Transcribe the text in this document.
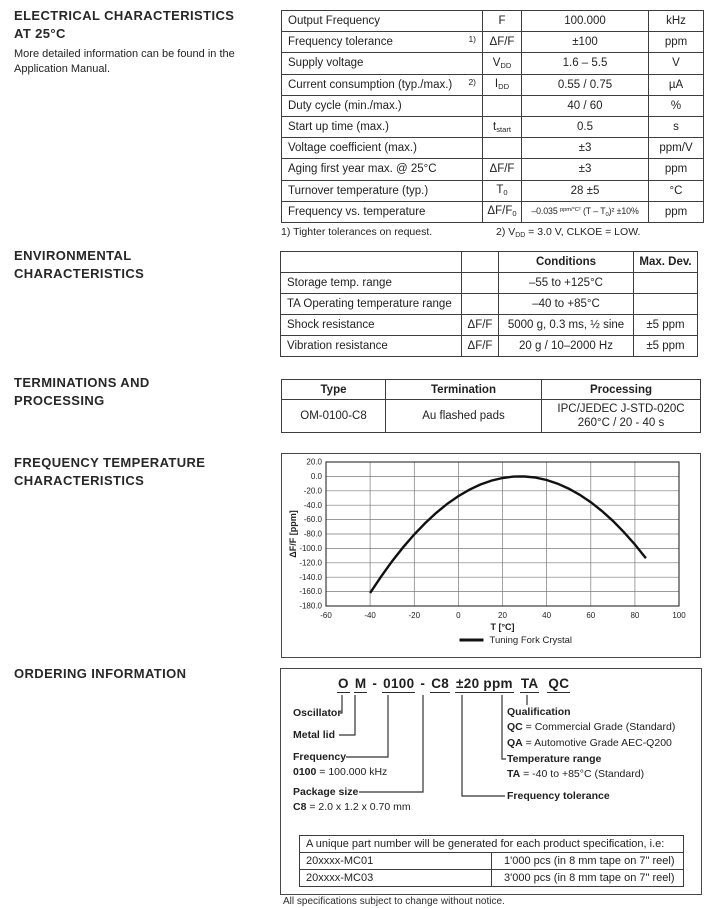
ELECTRICAL CHARACTERISTICS
AT 25°C
More detailed information can be found in the Application Manual.
ENVIRONMENTAL
CHARACTERISTICS
TERMINATIONS AND
PROCESSING
FREQUENCY TEMPERATURE
CHARACTERISTICS
ORDERING INFORMATION
Output Frequency	F	100.000	kHz
Frequency tolerance 1)	ΔF/F	±100	ppm
Supply voltage	$V_{DD}$	1.6 – 5.5	V
Current consumption (typ./max.) 2)	$I_{DD}$	0.55 / 0.75	µA
Duty cycle (min./max.)		40 / 60	%
Start up time (max.)	$t_{start}$	0.5	s
Voltage coefficient (max.)		±3	ppm/V
Aging first year max. @ 25°C	ΔF/F	±3	ppm
Turnover temperature (typ.)	$T_0$	28 ±5	°C
Frequency vs. temperature	$\Delta F/F_0$	–0.035 $^{ppm/^\circ C^2}$ $(T - T_0)^2 \pm 10\%$	ppm
1) Tighter tolerances on request.	2) $V_{DD} = 3.0$ V, CLKOE = LOW.
		Conditions	Max. Dev.
Storage temp. range		–55 to +125°C	
TA Operating temperature range		–40 to +85°C	
Shock resistance	ΔF/F	5000 g, 0.3 ms, ½ sine	±5 ppm
Vibration resistance	ΔF/F	20 g / 10–2000 Hz	±5 ppm
Type	Termination	Processing
OM-0100-C8	Au flashed pads	IPC/JEDEC J-STD-020C
260°C / 20 - 40 s
20.0
0.0
-20.0
-40.0
-60.0
-80.0
-100.0
-120.0
-140.0
-160.0
-180.0
-60	-40	-20	0	20	40	60	80	100
T [°C]
ΔF/F [ppm]
Tuning Fork Crystal
O M - 0100 - C8 ±20 ppm TA QC
Oscillator
Metal lid
Frequency
0100 = 100.000 kHz
Package size
C8 = 2.0 x 1.2 x 0.70 mm
Qualification
QC = Commercial Grade (Standard)
QA = Automotive Grade AEC-Q200
Temperature range
TA = -40 to +85°C (Standard)
Frequency tolerance
A unique part number will be generated for each product specification, i.e:	
20xxxx-MC01	1'000 pcs (in 8 mm tape on 7" reel)
20xxxx-MC03	3'000 pcs (in 8 mm tape on 7" reel)
All specifications subject to change without notice.
